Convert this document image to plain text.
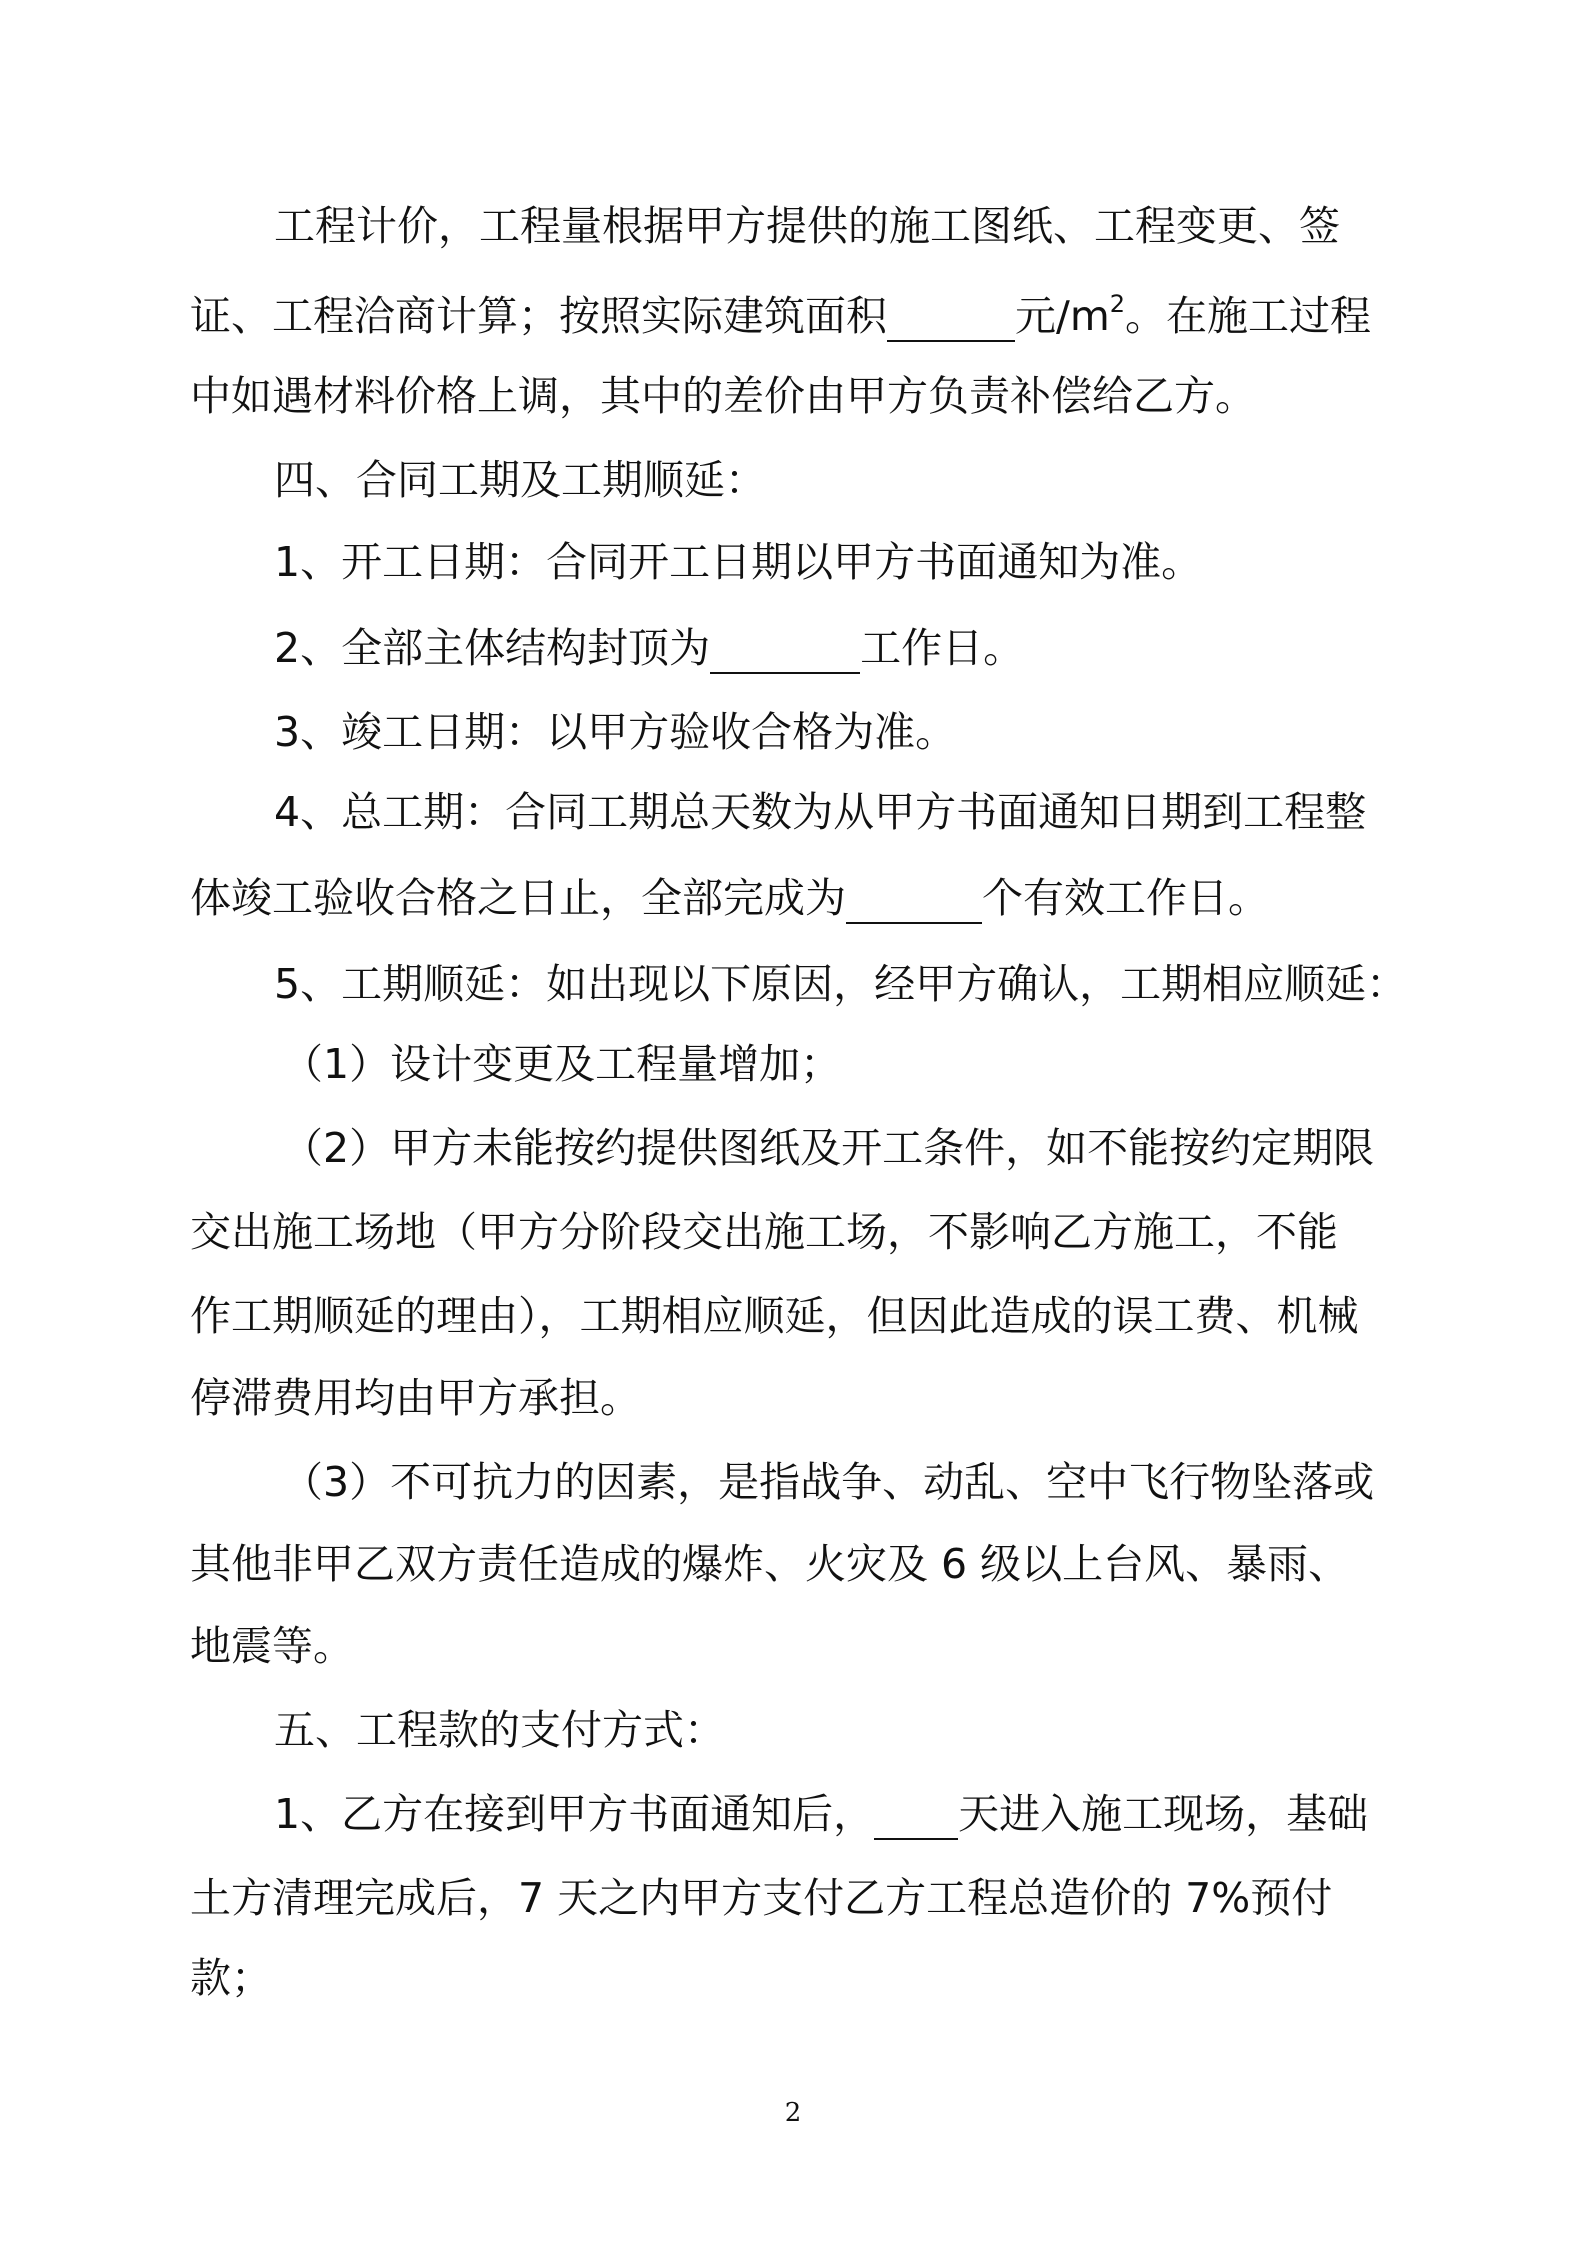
工程计价，工程量根据甲方提供的施工图纸、工程变更、签
证、工程洽商计算；按照实际建筑面积	元$/m^2$。在施工过程
中如遇材料价格上调，其中的差价由甲方负责补偿给乙方。
四、合同工期及工期顺延：
1、开工日期：合同开工日期以甲方书面通知为准。
2、全部主体结构封顶为	工作日。
3、竣工日期：以甲方验收合格为准。
4、总工期：合同工期总天数为从甲方书面通知日期到工程整
体竣工验收合格之日止，全部完成为	个有效工作日。
5、工期顺延：如出现以下原因，经甲方确认，工期相应顺延：
（1）设计变更及工程量增加；
（2）甲方未能按约提供图纸及开工条件，如不能按约定期限
交出施工场地（甲方分阶段交出施工场，不影响乙方施工，不能
作工期顺延的理由），工期相应顺延，但因此造成的误工费、机械
停滞费用均由甲方承担。
（3）不可抗力的因素，是指战争、动乱、空中飞行物坠落或
其他非甲乙双方责任造成的爆炸、火灾及 6 级以上台风、暴雨、
地震等。
五、工程款的支付方式：
1、乙方在接到甲方书面通知后， 天进入施工现场，基础
土方清理完成后，7 天之内甲方支付乙方工程总造价的 7%预付
款；
2
